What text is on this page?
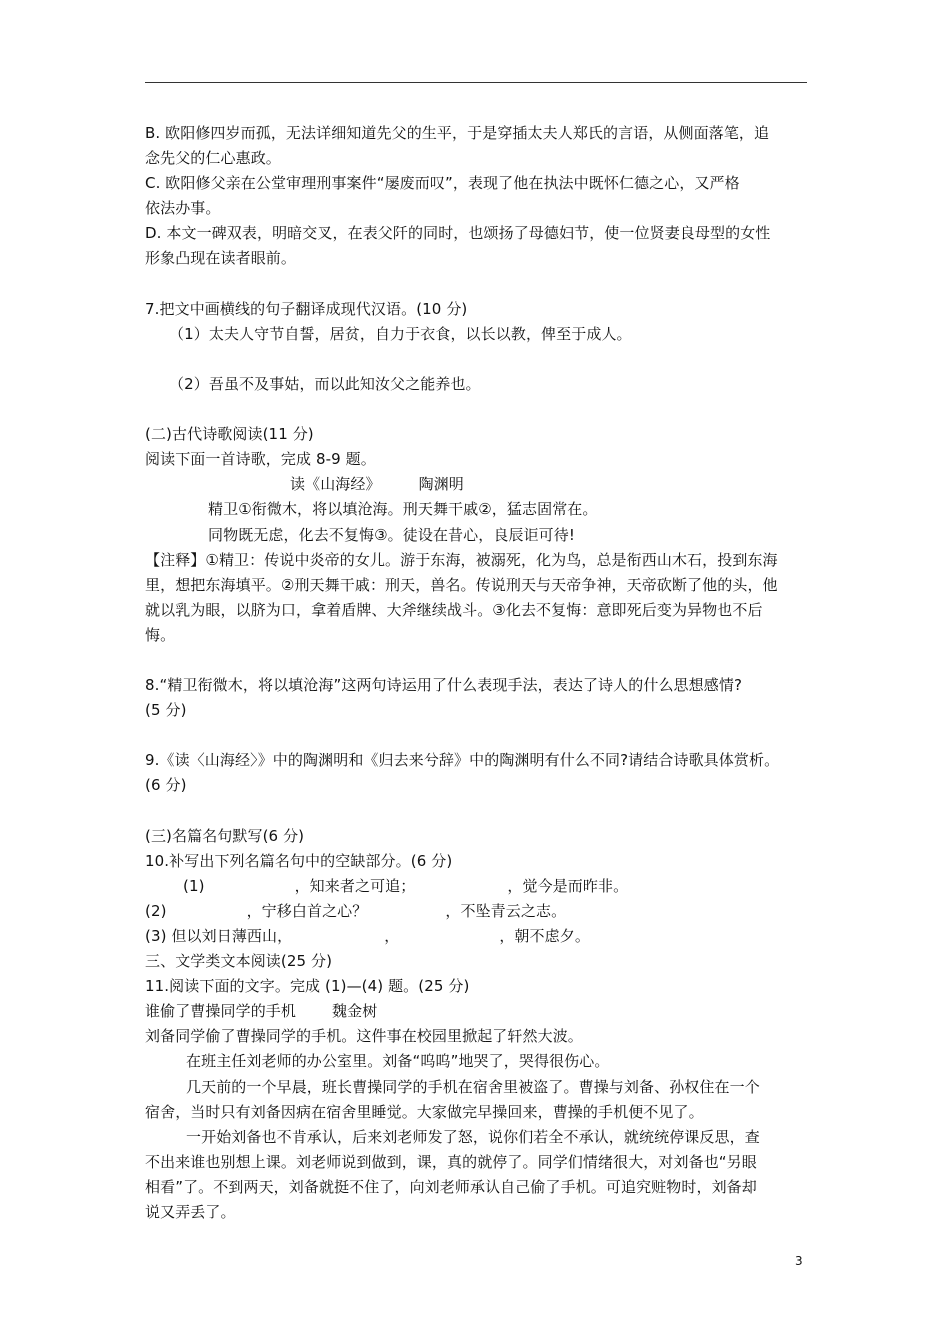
B. 欧阳修四岁而孤，无法详细知道先父的生平，于是穿插太夫人郑氏的言语，从侧面落笔，追

念先父的仁心惠政。

C. 欧阳修父亲在公堂审理刑事案件“屡废而叹”，表现了他在执法中既怀仁德之心，又严格

依法办事。

D. 本文一碑双表，明暗交叉，在表父阡的同时，也颂扬了母德妇节，使一位贤妻良母型的女性

形象凸现在读者眼前。

7.把文中画横线的句子翻译成现代汉语。(10 分)

（1）太夫人守节自誓，居贫，自力于衣食，以长以教，俾至于成人。

（2）吾虽不及事姑，而以此知汝父之能养也。

(二)古代诗歌阅读(11 分)

阅读下面一首诗歌，完成 8-9 题。

读《山海经》	陶渊明

精卫①衔微木，将以填沧海。刑天舞干戚②，猛志固常在。

同物既无虑，化去不复悔③。徒设在昔心，良辰讵可待!

【注释】①精卫：传说中炎帝的女儿。游于东海，被溺死，化为鸟，总是衔西山木石，投到东海

里，想把东海填平。②刑天舞干戚：刑天，兽名。传说刑天与天帝争神，天帝砍断了他的头，他

就以乳为眼，以脐为口，拿着盾牌、大斧继续战斗。③化去不复悔：意即死后变为异物也不后

悔。

8.“精卫衔微木，将以填沧海”这两句诗运用了什么表现手法，表达了诗人的什么思想感情?

(5 分)

9.《读〈山海经〉》中的陶渊明和《归去来兮辞》中的陶渊明有什么不同?请结合诗歌具体赏析。

(6 分)

(三)名篇名句默写(6 分)

10.补写出下列名篇名句中的空缺部分。(6 分)

(1)	，知来者之可追；	，觉今是而昨非。

(2)	，宁移白首之心？	，不坠青云之志。

(3) 但以刘日薄西山，	，	，朝不虑夕。

三、文学类文本阅读(25 分)

11.阅读下面的文字。完成 (1)—(4) 题。(25 分)

谁偷了曹操同学的手机 魏金树

刘备同学偷了曹操同学的手机。这件事在校园里掀起了轩然大波。

在班主任刘老师的办公室里。刘备“呜呜”地哭了，哭得很伤心。

几天前的一个早晨，班长曹操同学的手机在宿舍里被盗了。曹操与刘备、孙权住在一个

宿舍，当时只有刘备因病在宿舍里睡觉。大家做完早操回来，曹操的手机便不见了。

一开始刘备也不肯承认，后来刘老师发了怒，说你们若全不承认，就统统停课反思，查

不出来谁也别想上课。刘老师说到做到，课，真的就停了。同学们情绪很大，对刘备也“另眼

相看”了。不到两天，刘备就挺不住了，向刘老师承认自己偷了手机。可追究赃物时，刘备却

说又弄丢了。

3
